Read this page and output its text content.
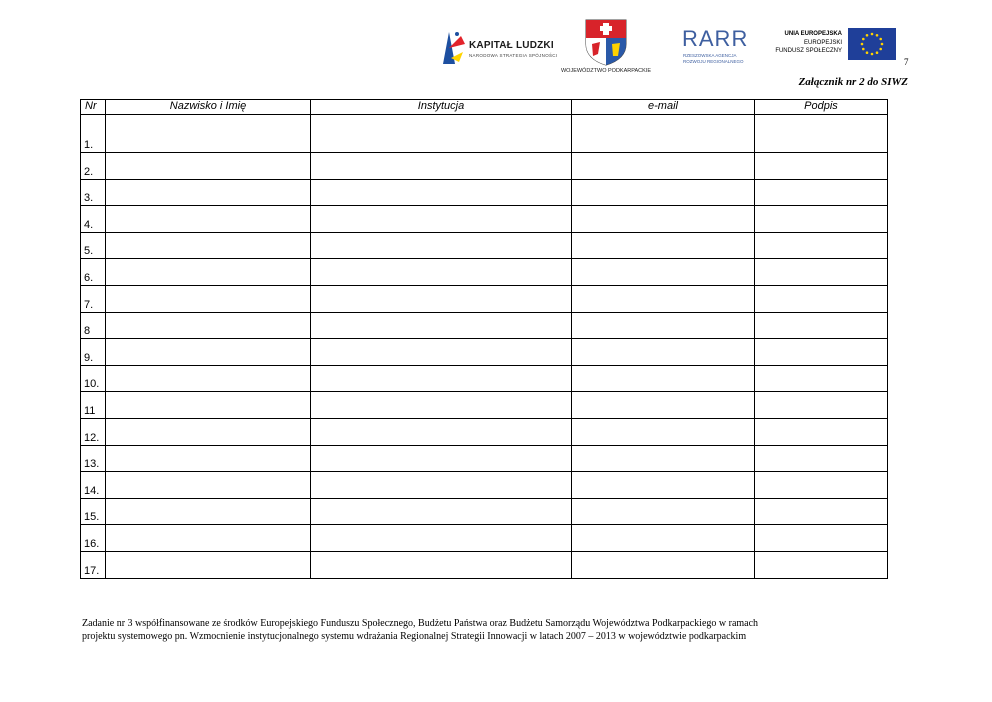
KAPITAŁ LUDZKI
NARODOWA STRATEGIA SPÓJNOŚCI
WOJEWÓDZTWO PODKARPACKIE
RARR
RZESZOWSKA AGENCJA
ROZWOJU REGIONALNEGO
UNIA EUROPEJSKA
EUROPEJSKI
FUNDUSZ SPOŁECZNY
7
Załącznik nr 2 do SIWZ
Nr	Nazwisko i Imię	Instytucja	e-mail	Podpis
1.				
2.				
3.				
4.				
5.				
6.				
7.				
8				
9.				
10.				
11				
12.				
13.				
14.				
15.				
16.				
17.				
Zadanie nr 3 współfinansowane ze środków Europejskiego Funduszu Społecznego, Budżetu Państwa oraz Budżetu Samorządu Województwa Podkarpackiego w ramach
projektu systemowego pn. Wzmocnienie instytucjonalnego systemu wdrażania Regionalnej Strategii Innowacji w latach 2007 – 2013 w województwie podkarpackim
